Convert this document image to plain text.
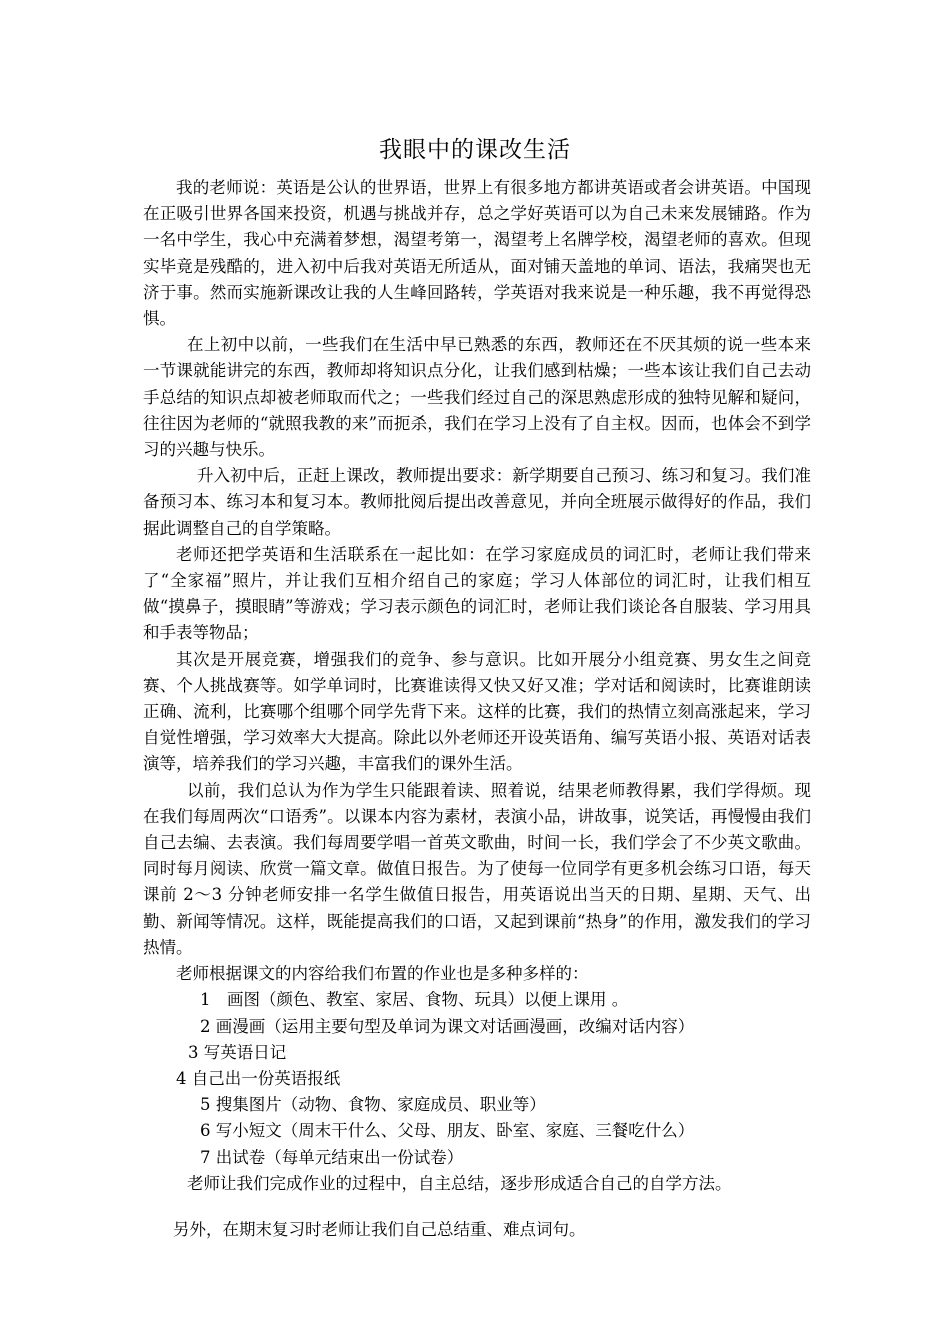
我眼中的课改生活

我的老师说：英语是公认的世界语，世界上有很多地方都讲英语或者会讲英语。中国现在正吸引世界各国来投资，机遇与挑战并存，总之学好英语可以为自己未来发展铺路。作为一名中学生，我心中充满着梦想，渴望考第一，渴望考上名牌学校，渴望老师的喜欢。但现实毕竟是残酷的，进入初中后我对英语无所适从，面对铺天盖地的单词、语法，我痛哭也无济于事。然而实施新课改让我的人生峰回路转，学英语对我来说是一种乐趣，我不再觉得恐惧。

在上初中以前，一些我们在生活中早已熟悉的东西，教师还在不厌其烦的说一些本来一节课就能讲完的东西，教师却将知识点分化，让我们感到枯燥；一些本该让我们自己去动手总结的知识点却被老师取而代之；一些我们经过自己的深思熟虑形成的独特见解和疑问，往往因为老师的“就照我教的来”而扼杀，我们在学习上没有了自主权。因而，也体会不到学习的兴趣与快乐。

升入初中后，正赶上课改，教师提出要求：新学期要自己预习、练习和复习。我们准备预习本、练习本和复习本。教师批阅后提出改善意见，并向全班展示做得好的作品，我们据此调整自己的自学策略。

老师还把学英语和生活联系在一起比如：在学习家庭成员的词汇时，老师让我们带来了“全家福”照片，并让我们互相介绍自己的家庭；学习人体部位的词汇时，让我们相互做“摸鼻子，摸眼睛”等游戏；学习表示颜色的词汇时，老师让我们谈论各自服装、学习用具和手表等物品；

其次是开展竞赛，增强我们的竞争、参与意识。比如开展分小组竞赛、男女生之间竞赛、个人挑战赛等。如学单词时，比赛谁读得又快又好又准；学对话和阅读时，比赛谁朗读正确、流利，比赛哪个组哪个同学先背下来。这样的比赛，我们的热情立刻高涨起来，学习自觉性增强，学习效率大大提高。除此以外老师还开设英语角、编写英语小报、英语对话表演等，培养我们的学习兴趣，丰富我们的课外生活。

以前，我们总认为作为学生只能跟着读、照着说，结果老师教得累，我们学得烦。现在我们每周两次“口语秀”。以课本内容为素材，表演小品，讲故事，说笑话，再慢慢由我们自己去编、去表演。我们每周要学唱一首英文歌曲，时间一长，我们学会了不少英文歌曲。同时每月阅读、欣赏一篇文章。做值日报告。为了使每一位同学有更多机会练习口语，每天课前 2～3 分钟老师安排一名学生做值日报告，用英语说出当天的日期、星期、天气、出勤、新闻等情况。这样，既能提高我们的口语，又起到课前“热身”的作用，激发我们的学习热情。

老师根据课文的内容给我们布置的作业也是多种多样的：

1　画图（颜色、教室、家居、食物、玩具）以便上课用 。
2 画漫画（运用主要句型及单词为课文对话画漫画，改编对话内容）
3 写英语日记
4 自己出一份英语报纸
5 搜集图片（动物、食物、家庭成员、职业等）
6 写小短文（周末干什么、父母、朋友、卧室、家庭、三餐吃什么）
7 出试卷（每单元结束出一份试卷）

老师让我们完成作业的过程中，自主总结，逐步形成适合自己的自学方法。

另外，在期末复习时老师让我们自己总结重、难点词句。
